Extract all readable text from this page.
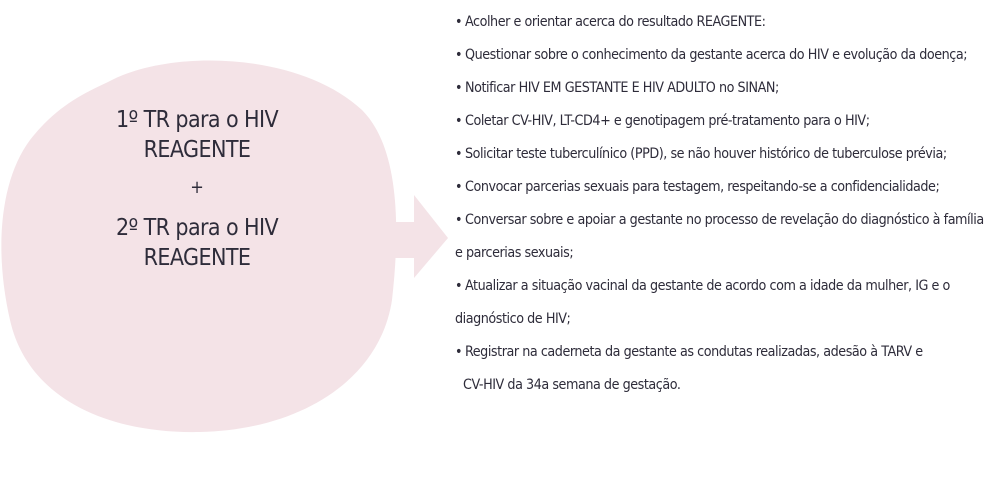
1º TR para o HIV
REAGENTE
+
2º TR para o HIV
REAGENTE
• Acolher e orientar acerca do resultado REAGENTE:
• Questionar sobre o conhecimento da gestante acerca do HIV e evolução da doença;
• Notificar HIV EM GESTANTE E HIV ADULTO no SINAN;
• Coletar CV-HIV, LT-CD4+ e genotipagem pré-tratamento para o HIV;
• Solicitar teste tuberculínico (PPD), se não houver histórico de tuberculose prévia;
• Convocar parcerias sexuais para testagem, respeitando-se a confidencialidade;
• Conversar sobre e apoiar a gestante no processo de revelação do diagnóstico à família
e parcerias sexuais;
• Atualizar a situação vacinal da gestante de acordo com a idade da mulher, IG e o
diagnóstico de HIV;
• Registrar na caderneta da gestante as condutas realizadas, adesão à TARV e
CV-HIV da 34a semana de gestação.
